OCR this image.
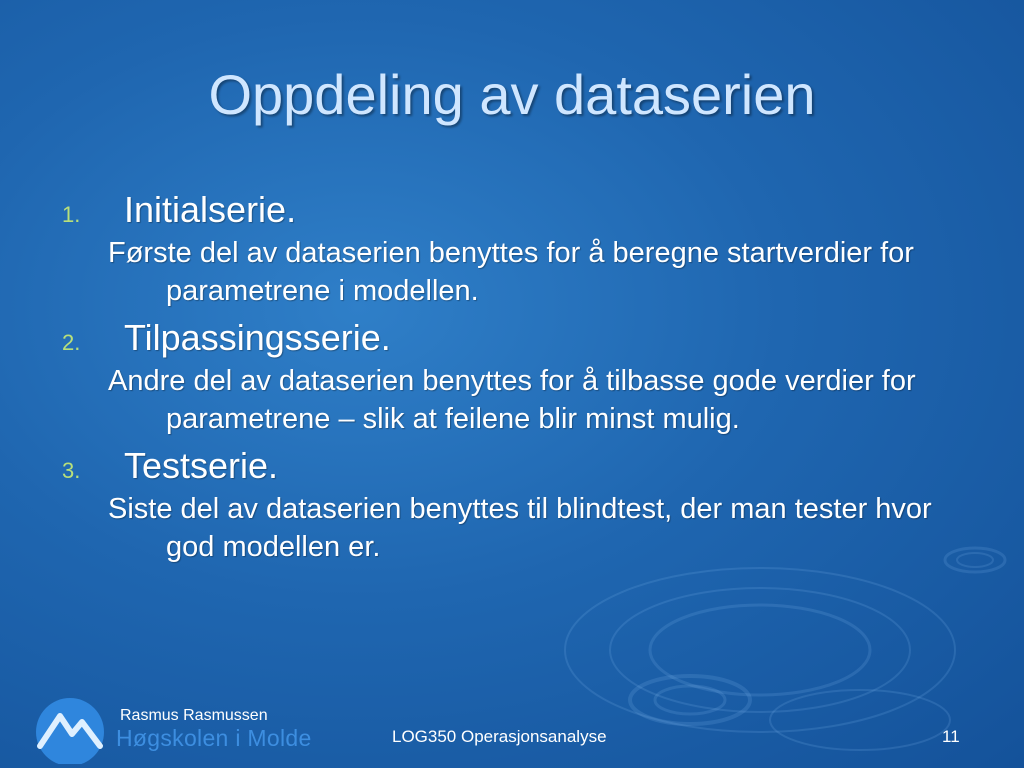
Oppdeling av dataserien
1.	Initialserie.
Første del av dataserien benyttes for å beregne startverdier for parametrene i modellen.
2.	Tilpassingsserie.
Andre del av dataserien benyttes for å tilbasse gode verdier for parametrene – slik at feilene blir minst mulig.
3.	Testserie.
Siste del av dataserien benyttes til blindtest, der man tester hvor god modellen er.
Rasmus Rasmussen
Høgskolen i Molde	LOG350 Operasjonsanalyse	11
